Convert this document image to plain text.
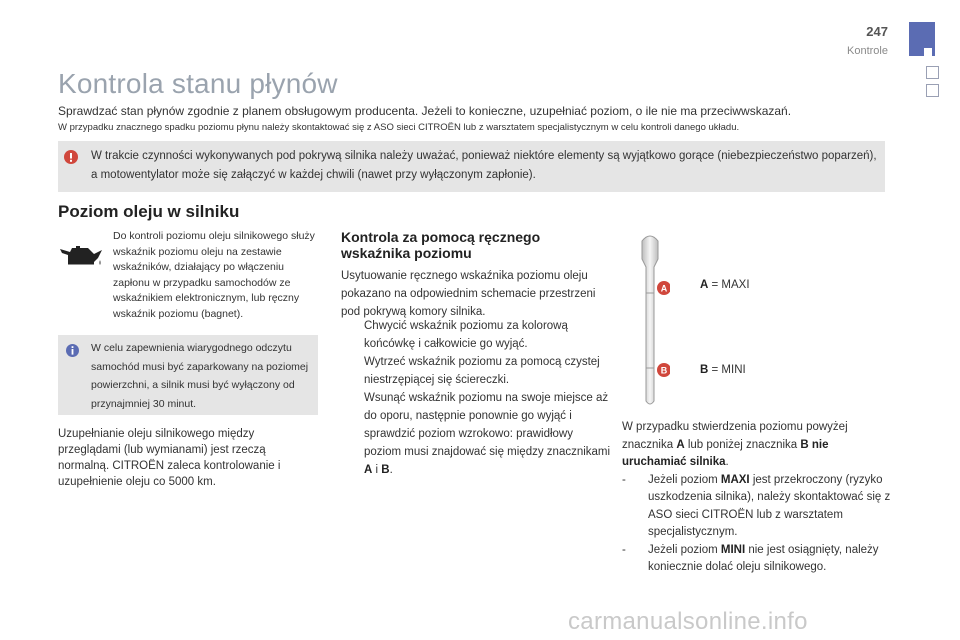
247
Kontrole
Kontrola stanu płynów
Sprawdzać stan płynów zgodnie z planem obsługowym producenta. Jeżeli to konieczne, uzupełniać poziom, o ile nie ma przeciwwskazań.
W przypadku znacznego spadku poziomu płynu należy skontaktować się z ASO sieci CITROËN lub z warsztatem specjalistycznym w celu kontroli danego układu.
W trakcie czynności wykonywanych pod pokrywą silnika należy uważać, ponieważ niektóre elementy są wyjątkowo gorące (niebezpieczeństwo poparzeń), a motowentylator może się załączyć w każdej chwili (nawet przy wyłączonym zapłonie).
Poziom oleju w silniku
Do kontroli poziomu oleju silnikowego służy wskaźnik poziomu oleju na zestawie wskaźników, działający po włączeniu zapłonu w przypadku samochodów ze wskaźnikiem elektronicznym, lub ręczny wskaźnik poziomu (bagnet).
W celu zapewnienia wiarygodnego odczytu samochód musi być zaparkowany na poziomej powierzchni, a silnik musi być wyłączony od przynajmniej 30 minut.
Uzupełnianie oleju silnikowego między przeglądami (lub wymianami) jest rzeczą normalną. CITROËN zaleca kontrolowanie i uzupełnienie oleju co 5000 km.
Kontrola za pomocą ręcznego wskaźnika poziomu
Usytuowanie ręcznego wskaźnika poziomu oleju pokazano na odpowiednim schemacie przestrzeni pod pokrywą komory silnika.
Chwycić wskaźnik poziomu za kolorową końcówkę i całkowicie go wyjąć.
Wytrzeć wskaźnik poziomu za pomocą czystej niestrzępiącej się ściereczki.
Wsunąć wskaźnik poziomu na swoje miejsce aż do oporu, następnie ponownie go wyjąć i sprawdzić poziom wzrokowo: prawidłowy poziom musi znajdować się między znacznikami A i B.
A
B
A = MAXI
B = MINI
W przypadku stwierdzenia poziomu powyżej znacznika A lub poniżej znacznika B nie uruchamiać silnika.
- Jeżeli poziom MAXI jest przekroczony (ryzyko uszkodzenia silnika), należy skontaktować się z ASO sieci CITROËN lub z warsztatem specjalistycznym.
- Jeżeli poziom MINI nie jest osiągnięty, należy koniecznie dolać oleju silnikowego.
carmanualsonline.info
